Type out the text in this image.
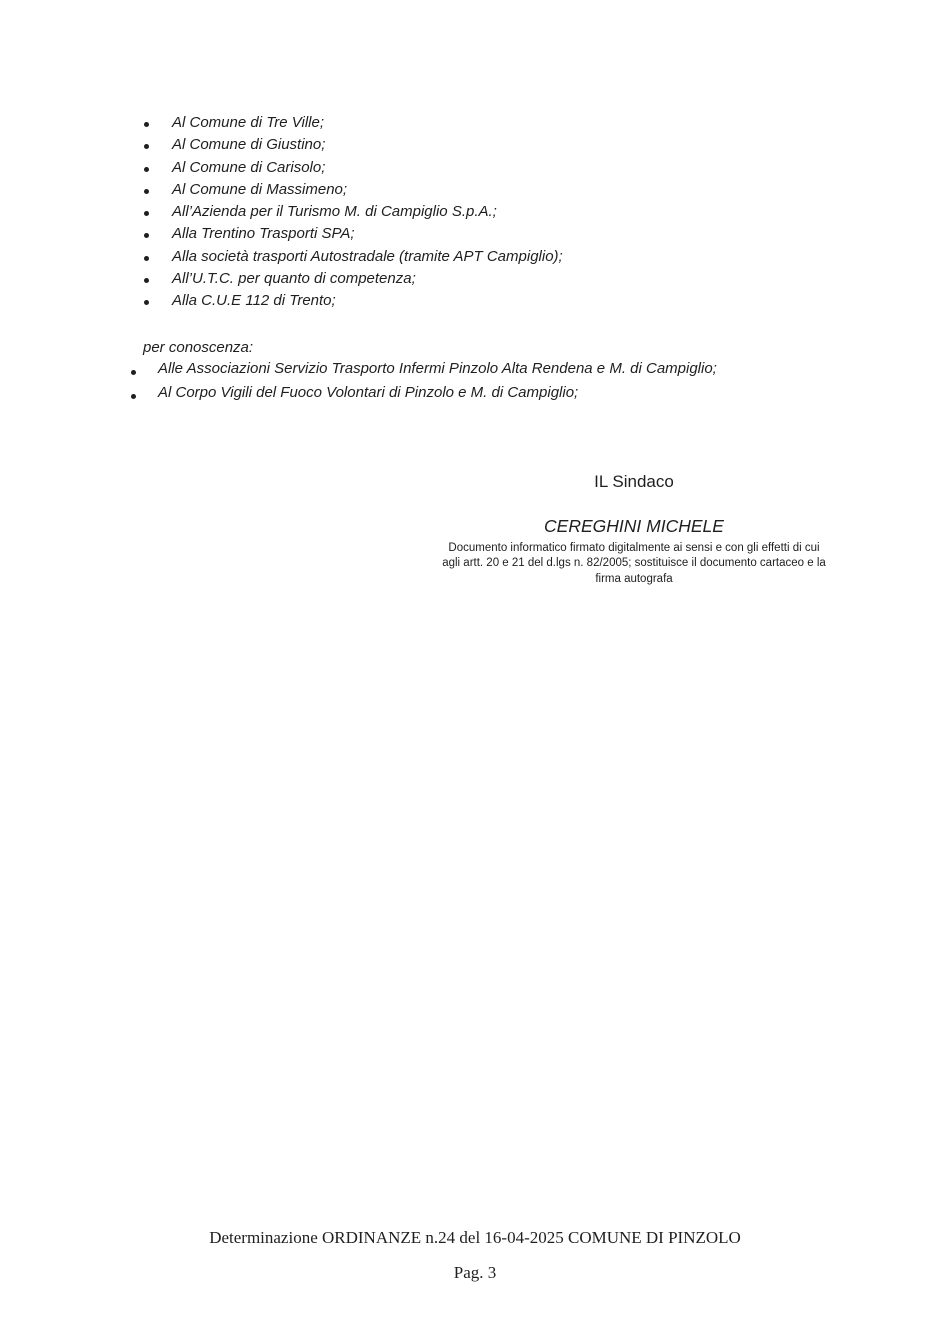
Al Comune di Tre Ville;
Al Comune di Giustino;
Al Comune di Carisolo;
Al Comune di Massimeno;
All’Azienda per il Turismo M. di Campiglio S.p.A.;
Alla Trentino Trasporti SPA;
Alla società trasporti Autostradale (tramite APT Campiglio);
All’U.T.C. per quanto di competenza;
Alla C.U.E 112 di Trento;
per conoscenza:
Alle Associazioni Servizio Trasporto Infermi Pinzolo Alta Rendena e M. di Campiglio;
Al Corpo Vigili del Fuoco Volontari di Pinzolo e M. di Campiglio;
IL Sindaco
CEREGHINI MICHELE
Documento informatico firmato digitalmente ai sensi e con gli effetti di cui
agli artt. 20 e 21 del d.lgs n. 82/2005; sostituisce il documento cartaceo e la
firma autografa
Determinazione ORDINANZE n.24 del 16-04-2025 COMUNE DI PINZOLO
Pag. 3
